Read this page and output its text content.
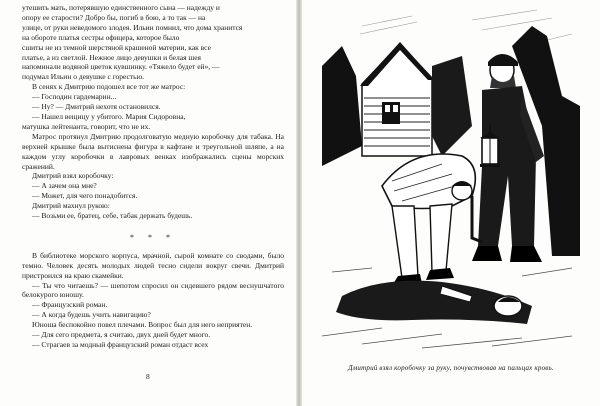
утешить мать, потерявшую единственного сына — надежду и

опору ее старости? Добро бы, погиб в бою, а то так — на

улице, от руки неведомого злодея. Ильин помнил, что дома хранится

на обороте платья сестры офицера, которое было

сшиты не из темной шерстяной крашеной материи, как все

платье, а из светлой. Нежное лицо девушки и белая шея

напоминали водяной цветок кувшинку. «Тяжело будет ей», —

подумал Ильин о девушке с горестью.

В сенях к Дмитрию подошел все тот же матрос:

— Господин гардемарин...

— Ну? — Дмитрий нехотя остановился.

— Нашел вещицу у убитого. Мария Сидоровна,

матушка лейтенанта, говорит, что не их.

Матрос протянул Дмитрию продолговатую медную коробочку для табака. На верхней крышке была вытиснена фигура в кафтане и треугольной шляпе, а на каждом углу коробочки в лавровых венках изображались сцены морских сражений.

Дмитрий взял коробочку:

— А зачем она мне?

— Может, для чего понадобится.

Дмитрий махнул рукою:

— Возьми ее, братец, себе, табак держать будешь.

* * *

В библиотеке морского корпуса, мрачной, сырой комнате со сводами, было темно. Человек десять молодых людей тесно сидели вокруг свечи. Дмитрий пристроился на краю скамейки.

— Ты что читаешь? — шепотом спросил он сидевшего рядом веснушчатого белокурого юношу.

— Французский роман.

— А когда будешь учить навигацию?

Юноша беспокойно повел плечами. Вопрос был для него неприятен.

— Для сего предмета, я считаю, двух дней будет много.

— Страгаев за модный французский роман отдаст всех

8
Дмитрий взял коробочку за руку, почувствовав на пальцах кровь.
